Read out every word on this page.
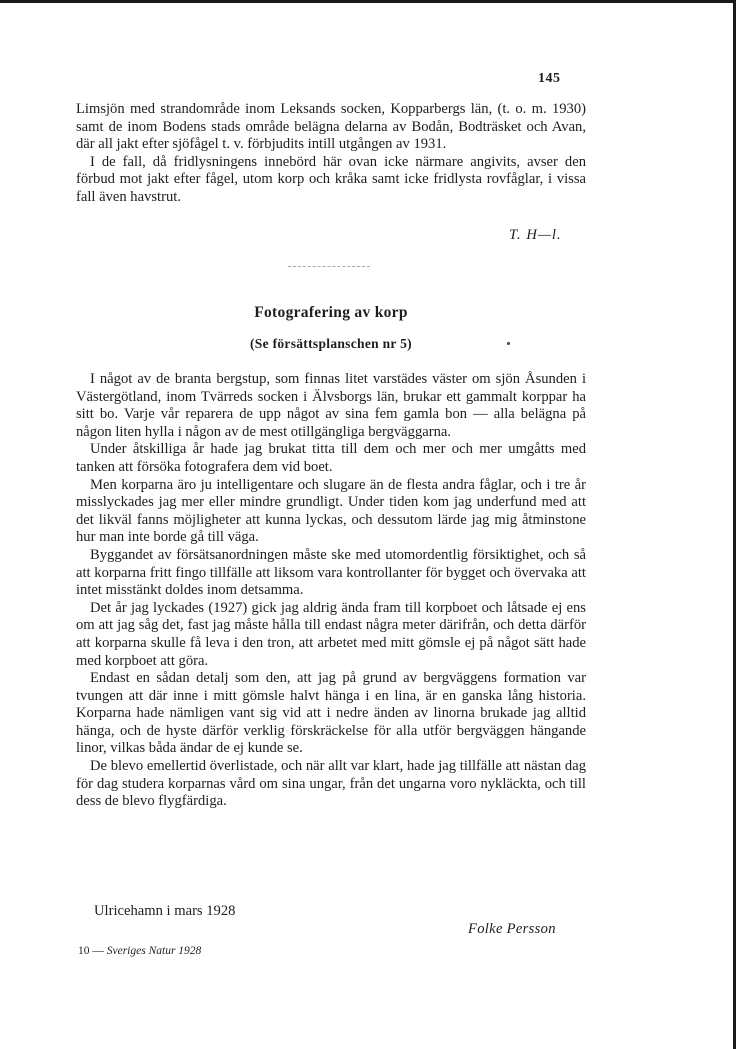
145

Limsjön med strandområde inom Leksands socken, Kopparbergs län, (t. o. m. 1930) samt de inom Bodens stads område belägna delarna av Bodån, Bodträsket och Avan, där all jakt efter sjöfågel t. v. förbjudits intill utgången av 1931.

I de fall, då fridlysningens innebörd här ovan icke närmare angivits, avser den förbud mot jakt efter fågel, utom korp och kråka samt icke fridlysta rovfåglar, i vissa fall även havstrut.

T. H—l.
Fotografering av korp
(Se försättsplanschen nr 5)

I något av de branta bergstup, som finnas litet varstädes väster om sjön Åsunden i Västergötland, inom Tvärreds socken i Älvsborgs län, brukar ett gammalt korppar ha sitt bo. Varje vår reparera de upp något av sina fem gamla bon — alla belägna på någon liten hylla i någon av de mest otillgängliga bergväggarna.

Under åtskilliga år hade jag brukat titta till dem och mer och mer umgåtts med tanken att försöka fotografera dem vid boet.

Men korparna äro ju intelligentare och slugare än de flesta andra fåglar, och i tre år misslyckades jag mer eller mindre grundligt. Under tiden kom jag underfund med att det likväl fanns möjligheter att kunna lyckas, och dessutom lärde jag mig åtminstone hur man inte borde gå till väga.

Byggandet av försätsanordningen måste ske med utomordentlig försiktighet, och så att korparna fritt fingo tillfälle att liksom vara kontrollanter för bygget och övervaka att intet misstänkt doldes inom detsamma.

Det år jag lyckades (1927) gick jag aldrig ända fram till korpboet och låtsade ej ens om att jag såg det, fast jag måste hålla till endast några meter därifrån, och detta därför att korparna skulle få leva i den tron, att arbetet med mitt gömsle ej på något sätt hade med korpboet att göra.

Endast en sådan detalj som den, att jag på grund av bergväggens formation var tvungen att där inne i mitt gömsle halvt hänga i en lina, är en ganska lång historia. Korparna hade nämligen vant sig vid att i nedre änden av linorna brukade jag alltid hänga, och de hyste därför verklig förskräckelse för alla utför bergväggen hängande linor, vilkas båda ändar de ej kunde se.

De blevo emellertid överlistade, och när allt var klart, hade jag tillfälle att nästan dag för dag studera korparnas vård om sina ungar, från det ungarna voro nykläckta, och till dess de blevo flygfärdiga.

Ulricehamn i mars 1928
Folke Persson
10 — Sveriges Natur 1928
